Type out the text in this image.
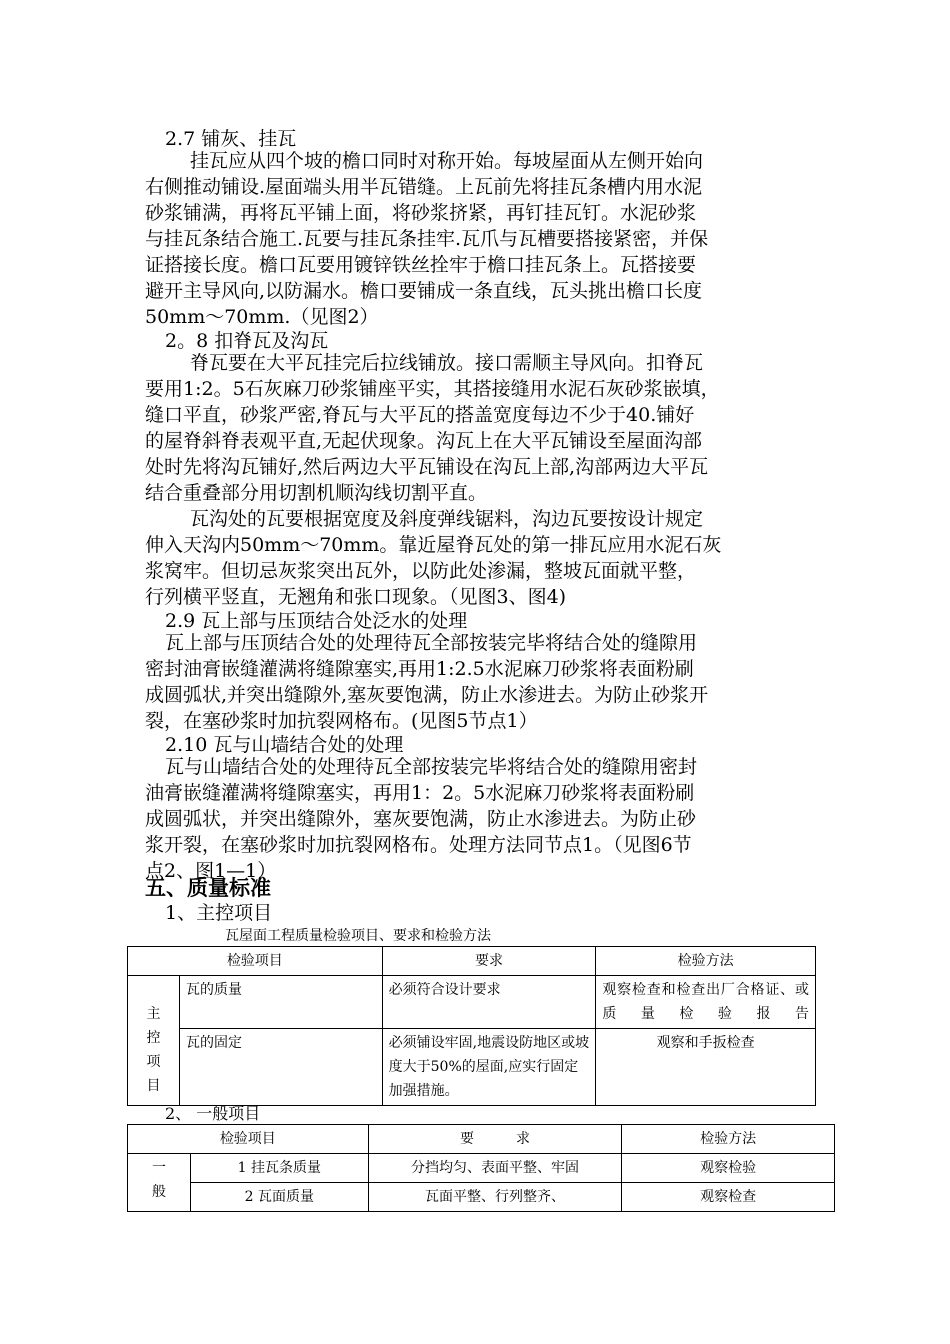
2.7 铺灰、挂瓦
挂瓦应从四个坡的檐口同时对称开始。每坡屋面从左侧开始向
右侧推动铺设.屋面端头用半瓦错缝。上瓦前先将挂瓦条槽内用水泥
砂浆铺满，再将瓦平铺上面，将砂浆挤紧，再钉挂瓦钉。水泥砂浆
与挂瓦条结合施工.瓦要与挂瓦条挂牢.瓦爪与瓦槽要搭接紧密，并保
证搭接长度。檐口瓦要用镀锌铁丝拴牢于檐口挂瓦条上。瓦搭接要
避开主导风向,以防漏水。檐口要铺成一条直线，瓦头挑出檐口长度
50mm～70mm.（见图2）
2。8 扣脊瓦及沟瓦
脊瓦要在大平瓦挂完后拉线铺放。接口需顺主导风向。扣脊瓦
要用1:2。5石灰麻刀砂浆铺座平实，其搭接缝用水泥石灰砂浆嵌填，
缝口平直，砂浆严密,脊瓦与大平瓦的搭盖宽度每边不少于40.铺好
的屋脊斜脊表观平直,无起伏现象。沟瓦上在大平瓦铺设至屋面沟部
处时先将沟瓦铺好,然后两边大平瓦铺设在沟瓦上部,沟部两边大平瓦
结合重叠部分用切割机顺沟线切割平直。
瓦沟处的瓦要根据宽度及斜度弹线锯料，沟边瓦要按设计规定
伸入天沟内50mm～70mm。靠近屋脊瓦处的第一排瓦应用水泥石灰
浆窝牢。但切忌灰浆突出瓦外，以防此处渗漏，整坡瓦面就平整，
行列横平竖直，无翘角和张口现象。（见图3、图4)
2.9 瓦上部与压顶结合处泛水的处理
瓦上部与压顶结合处的处理待瓦全部按装完毕将结合处的缝隙用
密封油膏嵌缝灌满将缝隙塞实,再用1:2.5水泥麻刀砂浆将表面粉刷
成圆弧状,并突出缝隙外,塞灰要饱满，防止水渗进去。为防止砂浆开
裂，在塞砂浆时加抗裂网格布。(见图5节点1）
2.10 瓦与山墙结合处的处理
瓦与山墙结合处的处理待瓦全部按装完毕将结合处的缝隙用密封
油膏嵌缝灌满将缝隙塞实，再用1：2。5水泥麻刀砂浆将表面粉刷
成圆弧状，并突出缝隙外，塞灰要饱满，防止水渗进去。为防止砂
浆开裂，在塞砂浆时加抗裂网格布。处理方法同节点1。（见图6节
点2、图1—1）
五、质量标准
1、主控项目
瓦屋面工程质量检验项目、要求和检验方法
检验项目		要求	检验方法

主
控
项
目	瓦的质量	必须符合设计要求	观察检查和检查出厂合格证、或质量检验报告
	瓦的固定	必须铺设牢固,地震设防地区或坡度大于50%的屋面,应实行固定加强措施。	观察和手扳检查
2、 一般项目
检验项目		要　　　求	检验方法

一
般	1 挂瓦条质量	分挡均匀、表面平整、牢固	观察检验
	2 瓦面质量	瓦面平整、行列整齐、	观察检查
